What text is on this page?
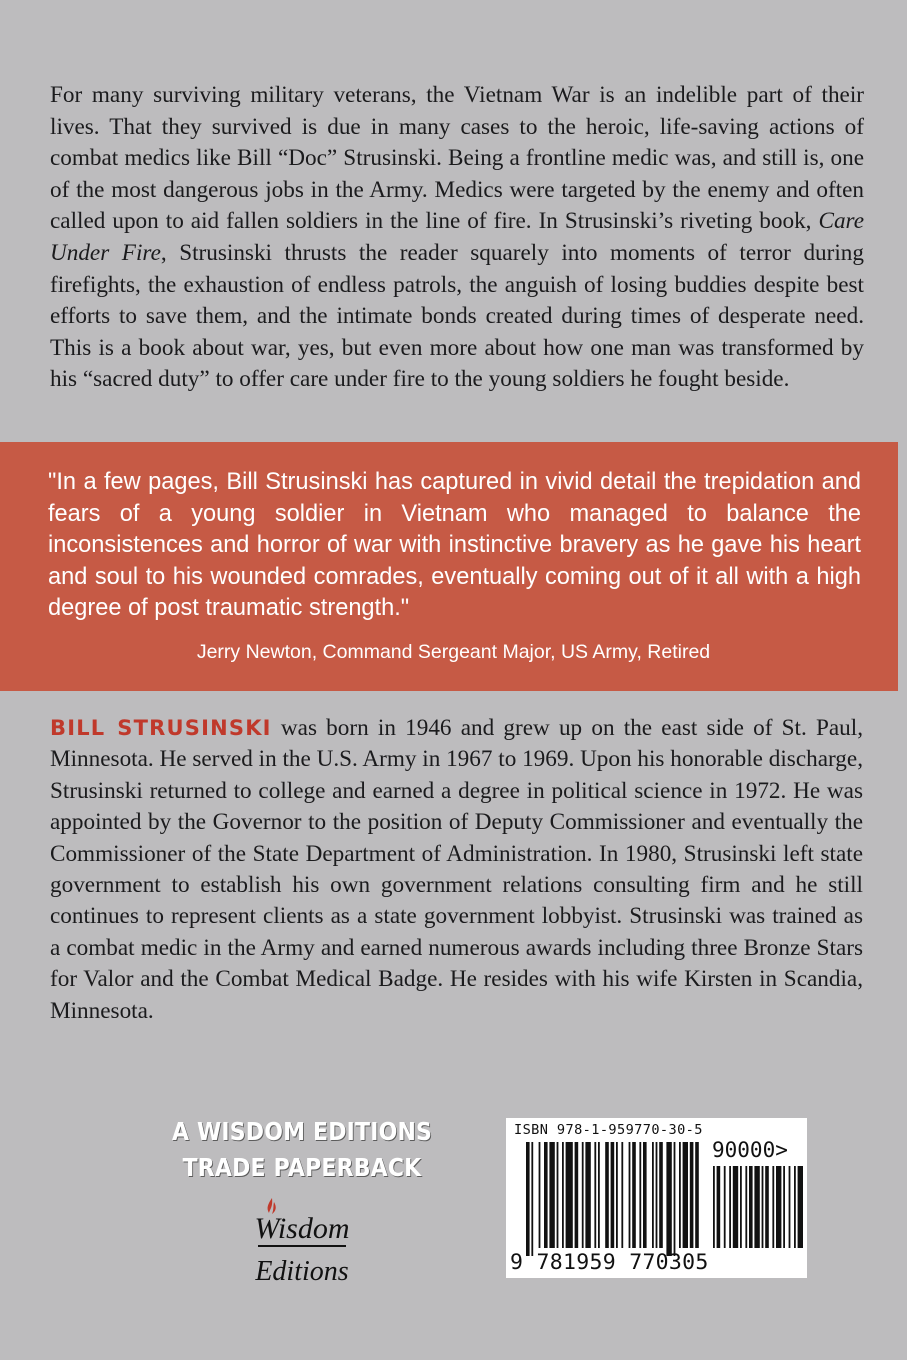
For many surviving military veterans, the Vietnam War is an indelible part of their lives. That they survived is due in many cases to the heroic, life-saving actions of combat medics like Bill “Doc” Strusinski. Being a frontline medic was, and still is, one of the most dangerous jobs in the Army. Medics were targeted by the enemy and often called upon to aid fallen soldiers in the line of fire. In Strusinski’s riveting book, Care Under Fire, Strusinski thrusts the reader squarely into moments of terror during firefights, the exhaustion of endless patrols, the anguish of losing buddies despite best efforts to save them, and the intimate bonds created during times of desperate need. This is a book about war, yes, but even more about how one man was transformed by his “sacred duty” to offer care under fire to the young soldiers he fought beside.
"In a few pages, Bill Strusinski has captured in vivid detail the trepidation and fears of a young soldier in Vietnam who managed to balance the inconsistences and horror of war with instinctive bravery as he gave his heart and soul to his wounded comrades, eventually coming out of it all with a high degree of post traumatic strength."
Jerry Newton, Command Sergeant Major, US Army, Retired
BILL STRUSINSKI was born in 1946 and grew up on the east side of St. Paul, Minnesota. He served in the U.S. Army in 1967 to 1969. Upon his honorable discharge, Strusinski returned to college and earned a degree in political science in 1972. He was appointed by the Governor to the position of Deputy Commissioner and eventually the Commissioner of the State Department of Administration. In 1980, Strusinski left state government to establish his own government relations consulting firm and he still continues to represent clients as a state government lobbyist. Strusinski was trained as a combat medic in the Army and earned numerous awards including three Bronze Stars for Valor and the Combat Medical Badge. He resides with his wife Kirsten in Scandia, Minnesota.
A WISDOM EDITIONS
TRADE PAPERBACK
Wisdom
Editions
ISBN 978-1-959770-30-5
90000>
9 781959 770305
